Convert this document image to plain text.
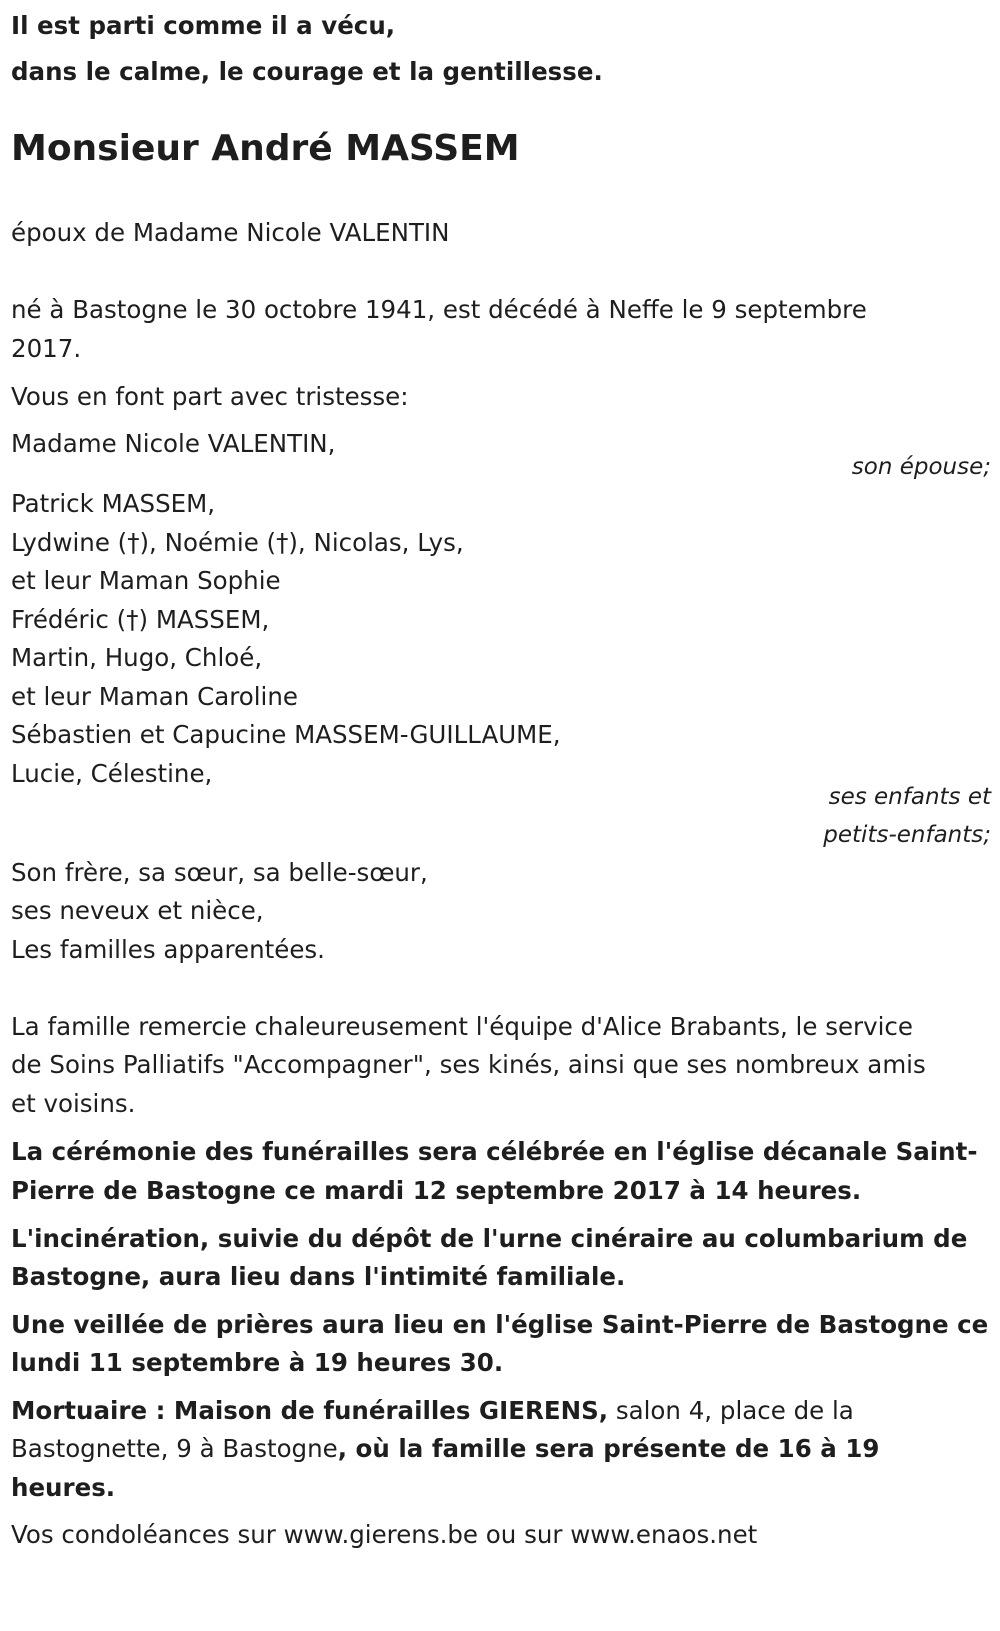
Il est parti comme il a vécu,
dans le calme, le courage et la gentillesse.
Monsieur André MASSEM
époux de Madame Nicole VALENTIN
né à Bastogne le 30 octobre 1941, est décédé à Neffe le 9 septembre
2017.
Vous en font part avec tristesse:
Madame Nicole VALENTIN,
son épouse;
Patrick MASSEM,
Lydwine (†), Noémie (†), Nicolas, Lys,
et leur Maman Sophie
Frédéric (†) MASSEM,
Martin, Hugo, Chloé,
et leur Maman Caroline
Sébastien et Capucine MASSEM-GUILLAUME,
Lucie, Célestine,
ses enfants et
petits-enfants;
Son frère, sa sœur, sa belle-sœur,
ses neveux et nièce,
Les familles apparentées.
La famille remercie chaleureusement l'équipe d'Alice Brabants, le service
de Soins Palliatifs "Accompagner", ses kinés, ainsi que ses nombreux amis
et voisins.
La cérémonie des funérailles sera célébrée en l'église décanale Saint-
Pierre de Bastogne ce mardi 12 septembre 2017 à 14 heures.
L'incinération, suivie du dépôt de l'urne cinéraire au columbarium de
Bastogne, aura lieu dans l'intimité familiale.
Une veillée de prières aura lieu en l'église Saint-Pierre de Bastogne ce
lundi 11 septembre à 19 heures 30.
Mortuaire : Maison de funérailles GIERENS, salon 4, place de la
Bastognette, 9 à Bastogne, où la famille sera présente de 16 à 19
heures.
Vos condoléances sur www.gierens.be ou sur www.enaos.net
